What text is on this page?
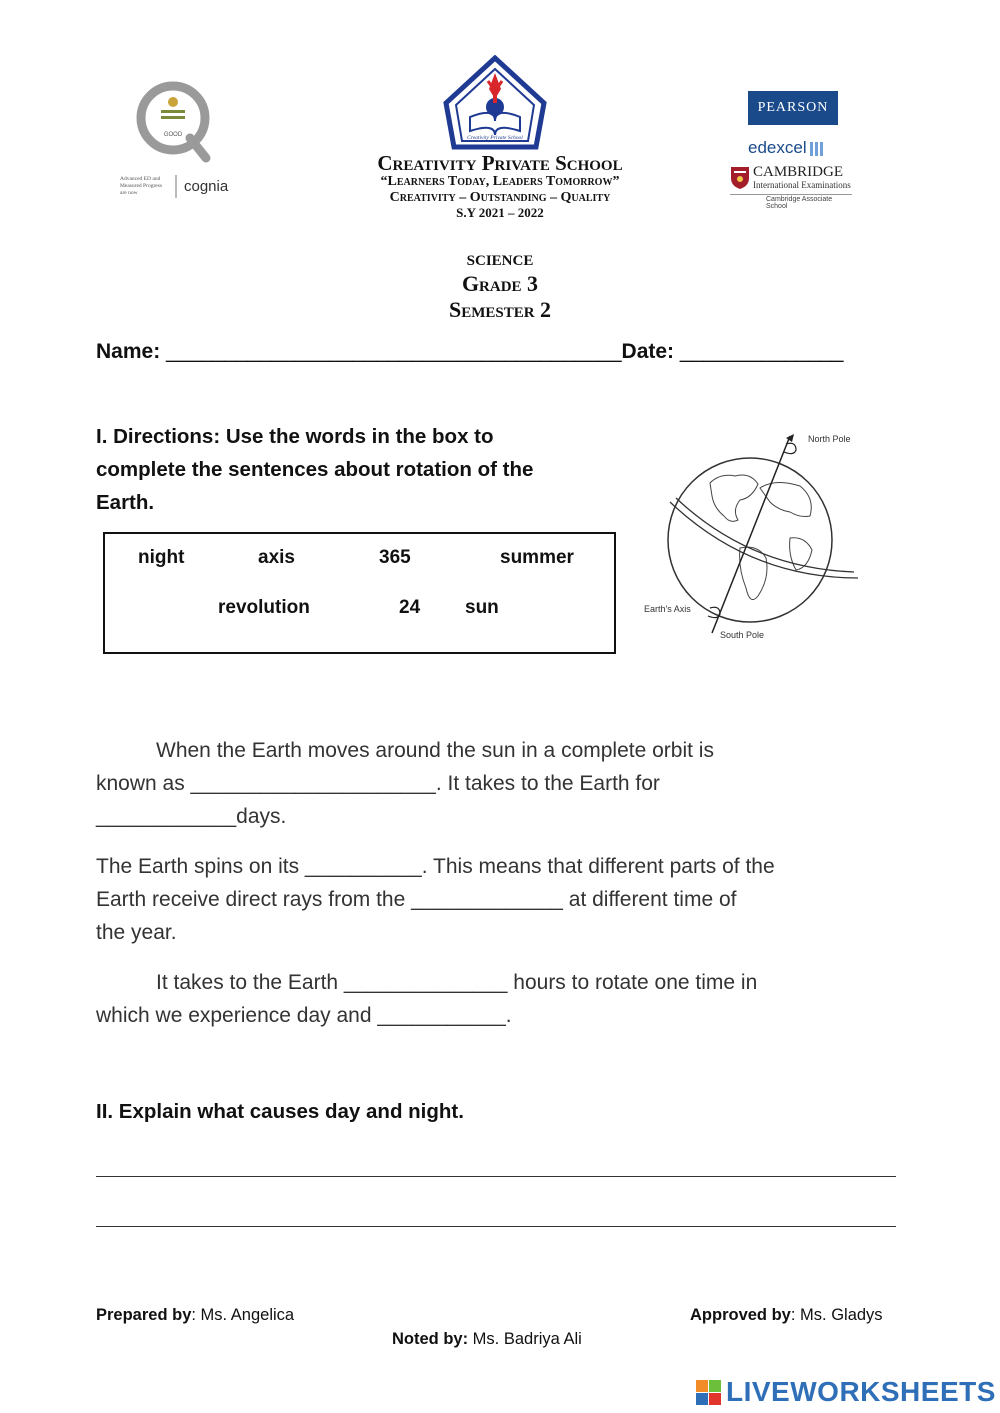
GOOD
Advanced ED and
Measured Progress
are now	cognia
Creativity Private School
PEARSON
edexcel
CAMBRIDGE
International Examinations
Cambridge Associate School
Creativity Private School
“Learners Today, Leaders Tomorrow”
Creativity – Outstanding – Quality
S.Y 2021 – 2022
science
Grade 3
Semester 2
Name: _______________________________________Date: ______________
I. Directions: Use the words in the box to
complete the sentences about rotation of the
Earth.
night	axis	365	summer
revolution	24 sun
North Pole
Earth's Axis
South Pole
When the Earth moves around the sun in a complete orbit is
known as _____________________. It takes to the Earth for
____________days.
The Earth spins on its __________. This means that different parts of the
Earth receive direct rays from the _____________ at different time of
the year.
It takes to the Earth ______________ hours to rotate one time in
which we experience day and ___________.
II. Explain what causes day and night.
Prepared by: Ms. Angelica	Approved by: Ms. Gladys
Noted by: Ms. Badriya Ali
LIVEWORKSHEETS
